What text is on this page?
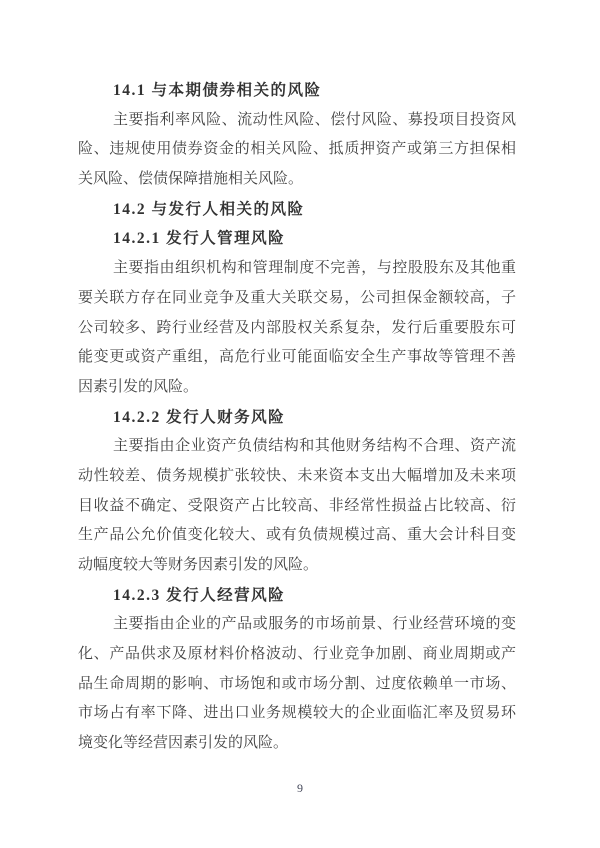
14.1 与本期债券相关的风险
主要指利率风险、流动性风险、偿付风险、募投项目投资风
险、违规使用债券资金的相关风险、抵质押资产或第三方担保相
关风险、偿债保障措施相关风险。
14.2 与发行人相关的风险
14.2.1 发行人管理风险
主要指由组织机构和管理制度不完善，与控股股东及其他重
要关联方存在同业竞争及重大关联交易，公司担保金额较高，子
公司较多、跨行业经营及内部股权关系复杂，发行后重要股东可
能变更或资产重组，高危行业可能面临安全生产事故等管理不善
因素引发的风险。
14.2.2 发行人财务风险
主要指由企业资产负债结构和其他财务结构不合理、资产流
动性较差、债务规模扩张较快、未来资本支出大幅增加及未来项
目收益不确定、受限资产占比较高、非经常性损益占比较高、衍
生产品公允价值变化较大、或有负债规模过高、重大会计科目变
动幅度较大等财务因素引发的风险。
14.2.3 发行人经营风险
主要指由企业的产品或服务的市场前景、行业经营环境的变
化、产品供求及原材料价格波动、行业竞争加剧、商业周期或产
品生命周期的影响、市场饱和或市场分割、过度依赖单一市场、
市场占有率下降、进出口业务规模较大的企业面临汇率及贸易环
境变化等经营因素引发的风险。
9
